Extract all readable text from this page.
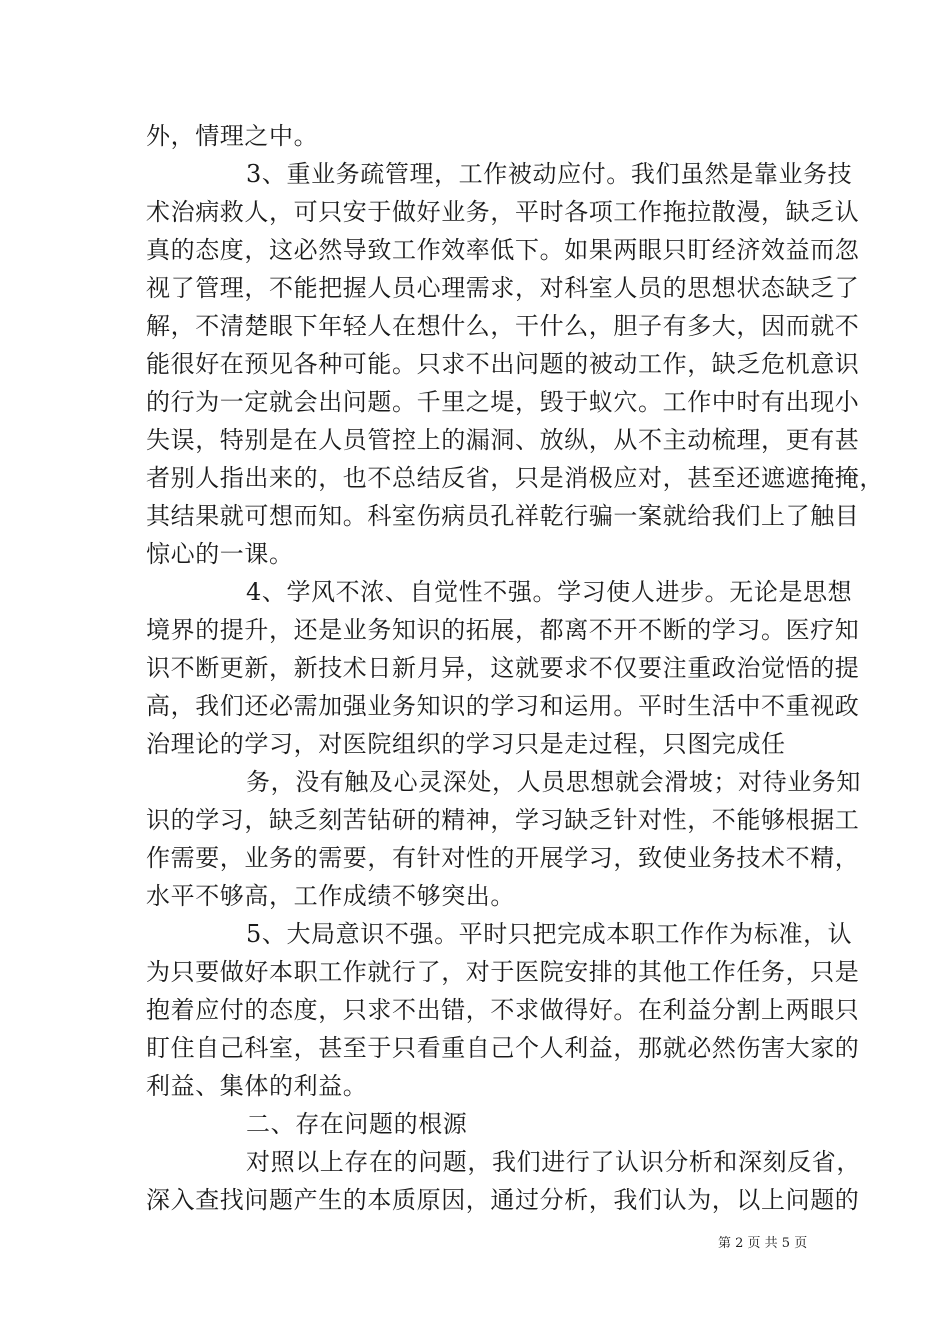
外，情理之中。
3、重业务疏管理，工作被动应付。我们虽然是靠业务技
术治病救人，可只安于做好业务，平时各项工作拖拉散漫，缺乏认
真的态度，这必然导致工作效率低下。如果两眼只盯经济效益而忽
视了管理，不能把握人员心理需求，对科室人员的思想状态缺乏了
解，不清楚眼下年轻人在想什么，干什么，胆子有多大，因而就不
能很好在预见各种可能。只求不出问题的被动工作，缺乏危机意识
的行为一定就会出问题。千里之堤，毁于蚁穴。工作中时有出现小
失误，特别是在人员管控上的漏洞、放纵，从不主动梳理，更有甚
者别人指出来的，也不总结反省，只是消极应对，甚至还遮遮掩掩，
其结果就可想而知。科室伤病员孔祥乾行骗一案就给我们上了触目
惊心的一课。
4、学风不浓、自觉性不强。学习使人进步。无论是思想
境界的提升，还是业务知识的拓展，都离不开不断的学习。医疗知
识不断更新，新技术日新月异，这就要求不仅要注重政治觉悟的提
高，我们还必需加强业务知识的学习和运用。平时生活中不重视政
治理论的学习，对医院组织的学习只是走过程，只图完成任
务，没有触及心灵深处，人员思想就会滑坡；对待业务知
识的学习，缺乏刻苦钻研的精神，学习缺乏针对性，不能够根据工
作需要，业务的需要，有针对性的开展学习，致使业务技术不精，
水平不够高，工作成绩不够突出。
5、大局意识不强。平时只把完成本职工作作为标准，认
为只要做好本职工作就行了，对于医院安排的其他工作任务，只是
抱着应付的态度，只求不出错，不求做得好。在利益分割上两眼只
盯住自己科室，甚至于只看重自己个人利益，那就必然伤害大家的
利益、集体的利益。
二、存在问题的根源
对照以上存在的问题，我们进行了认识分析和深刻反省，
深入查找问题产生的本质原因，通过分析，我们认为，以上问题的
第 2 页 共 5 页
